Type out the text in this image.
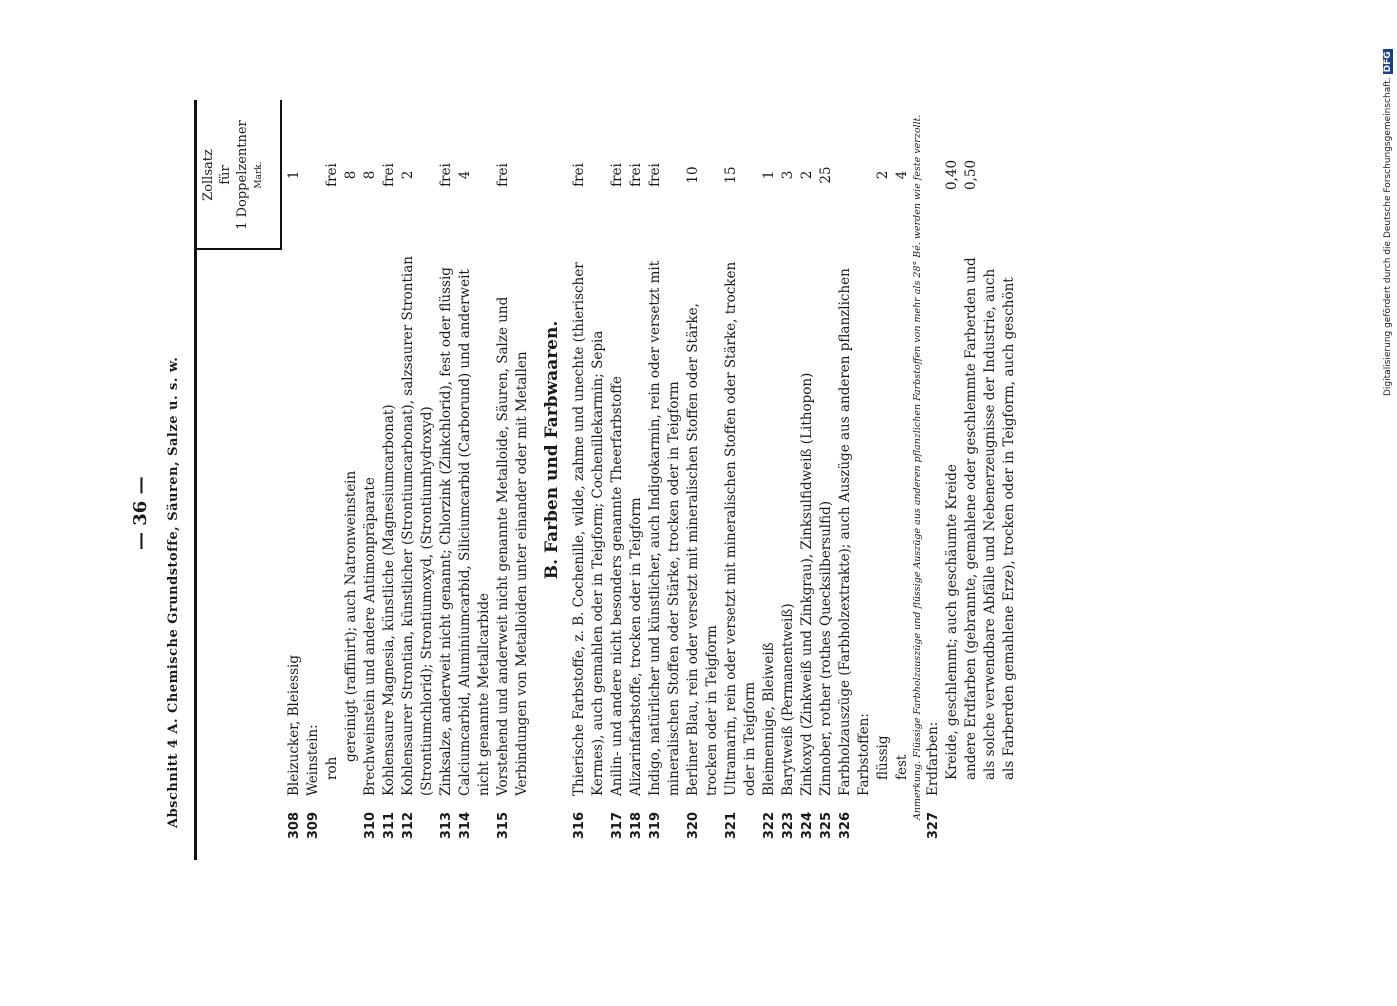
Abschnitt 4 A. Chemische Grundstoffe, Säuren, Salze u. s. w.
— 36 —
Zollsatz für 1 Doppelzentner Mark.
308
Bleizucker, Bleiessig
1
309
Weinstein: roh
frei
gereinigt (raffinirt); auch Natronweinstein
8
310
Brechweinstein und andere Antimonpräparate
8
311
Kohlensaure Magnesia, künstliche (Magnesiumcarbonat)
frei
312
Kohlensaurer Strontian, künstlicher (Strontiumcarbonat), salzsaurer Strontian (Strontiumchlorid); Strontiumoxyd, (Strontiumhydroxyd)
2
313
Zinksalze, anderweit nicht genannt; Chlorzink (Zinkchlorid), fest oder flüssig
frei
314
Calciumcarbid, Aluminiumcarbid, Siliciumcarbid (Carborund) und anderweit nicht genannte Metallcarbide
4
315
Vorstehend und anderweit nicht genannte Metalloide, Säuren, Salze und Verbindungen von Metalloiden unter einander oder mit Metallen
frei
B. Farben und Farbwaaren.
316
Thierische Farbstoffe, z. B. Cochenille, wilde, zahme und unechte (thierischer Kermes), auch gemahlen oder in Teigform; Cochenillekarmin; Sepia
frei
317
Anilin- und andere nicht besonders genannte Theerfarbstoffe
frei
318
Alizarinfarbstoffe, trocken oder in Teigform
frei
319
Indigo, natürlicher und künstlicher, auch Indigokarmin, rein oder versetzt mit mineralischen Stoffen oder Stärke, trocken oder in Teigform
frei
320
Berliner Blau, rein oder versetzt mit mineralischen Stoffen oder Stärke, trocken oder in Teigform
10
321
Ultramarin, rein oder versetzt mit mineralischen Stoffen oder Stärke, trocken oder in Teigform
15
322
Bleimennige, Bleiweiß
1
323
Barytweiß (Permanentweiß)
3
324
Zinkoxyd (Zinkweiß und Zinkgrau), Zinksulfidweiß (Lithopon)
2
325
Zinnober, rother (rothes Quecksilbersulfid)
25
326
Farbholzauszüge (Farbholzextrakte); auch Auszüge aus anderen pflanzlichen Farbstoffen: flüssig
2
fest
4 Anmerkung. Flüssige Farbholzauszüge und flüssige Auszüge aus anderen pflanzlichen Farbstoffen von mehr als 28° Bé. werden wie feste verzollt.
327
Erdfarben: Kreide, geschlemmt; auch geschäumte Kreide
0,40
andere Erdfarben (gebrannte, gemahlene oder geschlemmte Farberden und als solche verwendbare Abfälle und Nebenerzeugnisse der Industrie, auch als Farberden gemahlene Erze), trocken oder in Teigform, auch geschönt
0,50	Digitalisierung gefördert durch die Deutsche Forschungsgemeinschaft.DFG
